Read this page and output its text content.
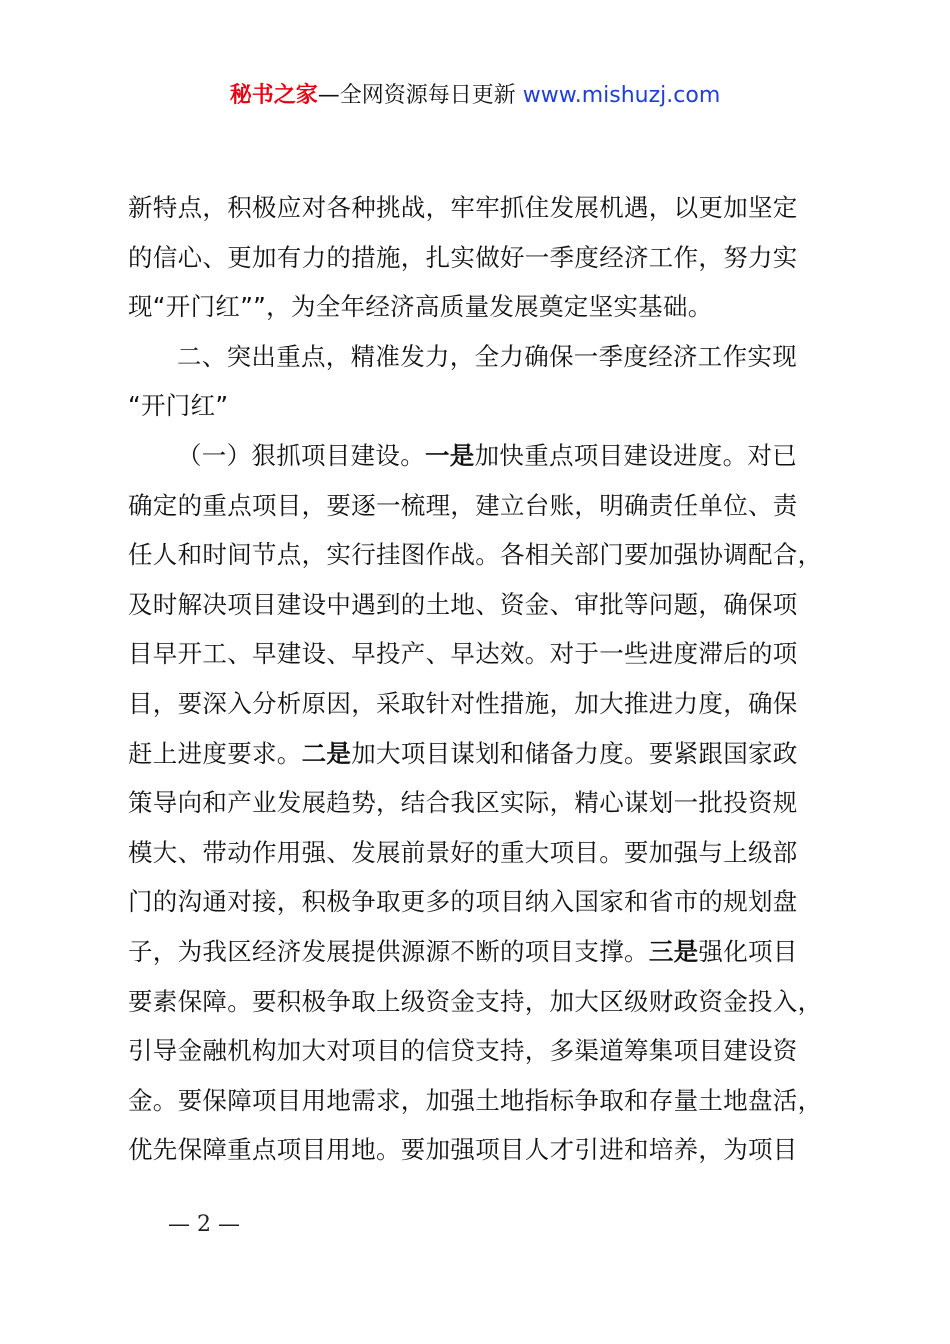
秘书之家—全网资源每日更新 www.mishuzj.com
新特点，积极应对各种挑战，牢牢抓住发展机遇，以更加坚定
的信心、更加有力的措施，扎实做好一季度经济工作，努力实
现“开门红””，为全年经济高质量发展奠定坚实基础。
二、突出重点，精准发力，全力确保一季度经济工作实现
“开门红”
（一）狠抓项目建设。一是加快重点项目建设进度。对已
确定的重点项目，要逐一梳理，建立台账，明确责任单位、责
任人和时间节点，实行挂图作战。各相关部门要加强协调配合，
及时解决项目建设中遇到的土地、资金、审批等问题，确保项
目早开工、早建设、早投产、早达效。对于一些进度滞后的项
目，要深入分析原因，采取针对性措施，加大推进力度，确保
赶上进度要求。二是加大项目谋划和储备力度。要紧跟国家政
策导向和产业发展趋势，结合我区实际，精心谋划一批投资规
模大、带动作用强、发展前景好的重大项目。要加强与上级部
门的沟通对接，积极争取更多的项目纳入国家和省市的规划盘
子，为我区经济发展提供源源不断的项目支撑。三是强化项目
要素保障。要积极争取上级资金支持，加大区级财政资金投入，
引导金融机构加大对项目的信贷支持，多渠道筹集项目建设资
金。要保障项目用地需求，加强土地指标争取和存量土地盘活，
优先保障重点项目用地。要加强项目人才引进和培养，为项目
— 2 —
